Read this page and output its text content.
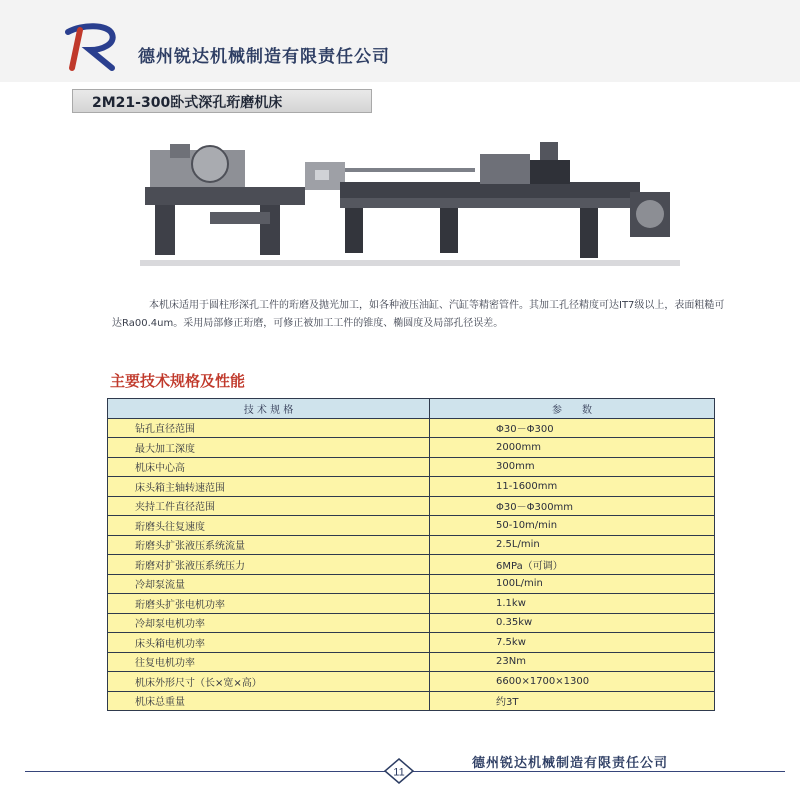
德州锐达机械制造有限责任公司
2M21-300卧式深孔珩磨机床
本机床适用于圆柱形深孔工件的珩磨及抛光加工，如各种液压油缸、汽缸等精密管件。其加工孔径精度可达IT7级以上，表面粗糙可达Ra00.4um。采用局部修正珩磨，可修正被加工工件的锥度、椭圆度及局部孔径误差。
主要技术规格及性能
技 术 规 格	参　　数
钻孔直径范围	Φ30－Φ300
最大加工深度	2000mm
机床中心高	300mm
床头箱主轴转速范围	11-1600mm
夹持工件直径范围	Φ30－Φ300mm
珩磨头往复速度	50-10m/min
珩磨头扩张液压系统流量	2.5L/min
珩磨对扩张液压系统压力	6MPa（可调）
冷却泵流量	100L/min
珩磨头扩张电机功率	1.1kw
冷却泵电机功率	0.35kw
床头箱电机功率	7.5kw
往复电机功率	23Nm
机床外形尺寸（长×宽×高）	6600×1700×1300
机床总重量	约3T
11
德州锐达机械制造有限责任公司
